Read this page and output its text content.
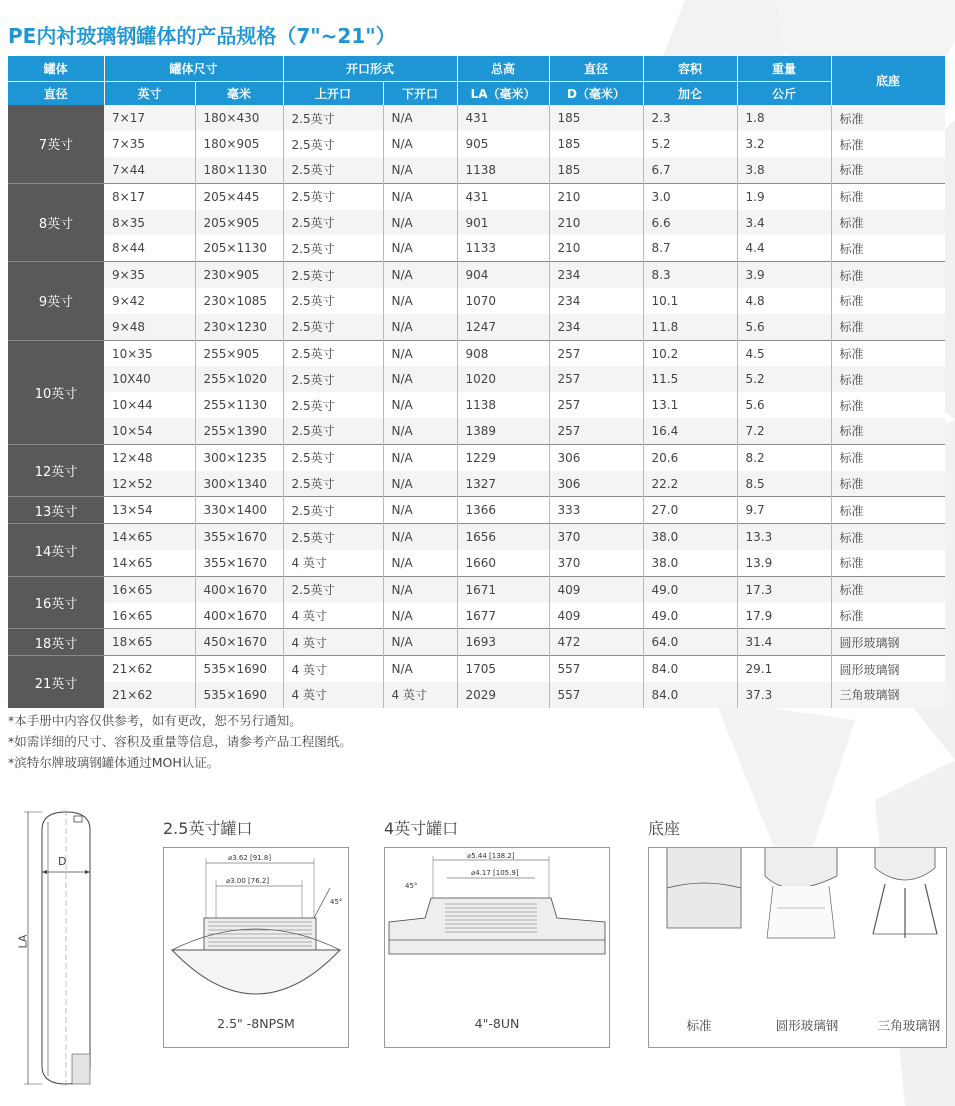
PE内衬玻璃钢罐体的产品规格（7"~21"）
罐体	罐体尺寸		开口形式		总高	直径	容积	重量	底座
直径	英寸	毫米	上开口	下开口	LA（毫米）	D（毫米）	加仑	公斤	
7英寸	7×17	180×430	2.5英寸	N/A	431	185	2.3	1.8	标准
	7×35	180×905	2.5英寸	N/A	905	185	5.2	3.2	标准
	7×44	180×1130	2.5英寸	N/A	1138	185	6.7	3.8	标准
8英寸	8×17	205×445	2.5英寸	N/A	431	210	3.0	1.9	标准
	8×35	205×905	2.5英寸	N/A	901	210	6.6	3.4	标准
	8×44	205×1130	2.5英寸	N/A	1133	210	8.7	4.4	标准
9英寸	9×35	230×905	2.5英寸	N/A	904	234	8.3	3.9	标准
	9×42	230×1085	2.5英寸	N/A	1070	234	10.1	4.8	标准
	9×48	230×1230	2.5英寸	N/A	1247	234	11.8	5.6	标准
10英寸	10×35	255×905	2.5英寸	N/A	908	257	10.2	4.5	标准
	10X40	255×1020	2.5英寸	N/A	1020	257	11.5	5.2	标准
	10×44	255×1130	2.5英寸	N/A	1138	257	13.1	5.6	标准
	10×54	255×1390	2.5英寸	N/A	1389	257	16.4	7.2	标准
12英寸	12×48	300×1235	2.5英寸	N/A	1229	306	20.6	8.2	标准
	12×52	300×1340	2.5英寸	N/A	1327	306	22.2	8.5	标准
13英寸	13×54	330×1400	2.5英寸	N/A	1366	333	27.0	9.7	标准
14英寸	14×65	355×1670	2.5英寸	N/A	1656	370	38.0	13.3	标准
	14×65	355×1670	4 英寸	N/A	1660	370	38.0	13.9	标准
16英寸	16×65	400×1670	2.5英寸	N/A	1671	409	49.0	17.3	标准
	16×65	400×1670	4 英寸	N/A	1677	409	49.0	17.9	标准
18英寸	18×65	450×1670	4 英寸	N/A	1693	472	64.0	31.4	圆形玻璃钢
21英寸	21×62	535×1690	4 英寸	N/A	1705	557	84.0	29.1	圆形玻璃钢
	21×62	535×1690	4 英寸	4 英寸	2029	557	84.0	37.3	三角玻璃钢
*本手册中内容仅供参考，如有更改，恕不另行通知。
*如需详细的尺寸、容积及重量等信息，请参考产品工程图纸。
*滨特尔牌玻璃钢罐体通过MOH认证。
D
LA
2.5英寸罐口
⌀3.62 [91.8]
⌀3.00 [76.2]
45°
2.5" -8NPSM
4英寸罐口
⌀5.44 [138.2]
⌀4.17 [105.9]
45°
4"-8UN
底座
标准	圆形玻璃钢	三角玻璃钢
